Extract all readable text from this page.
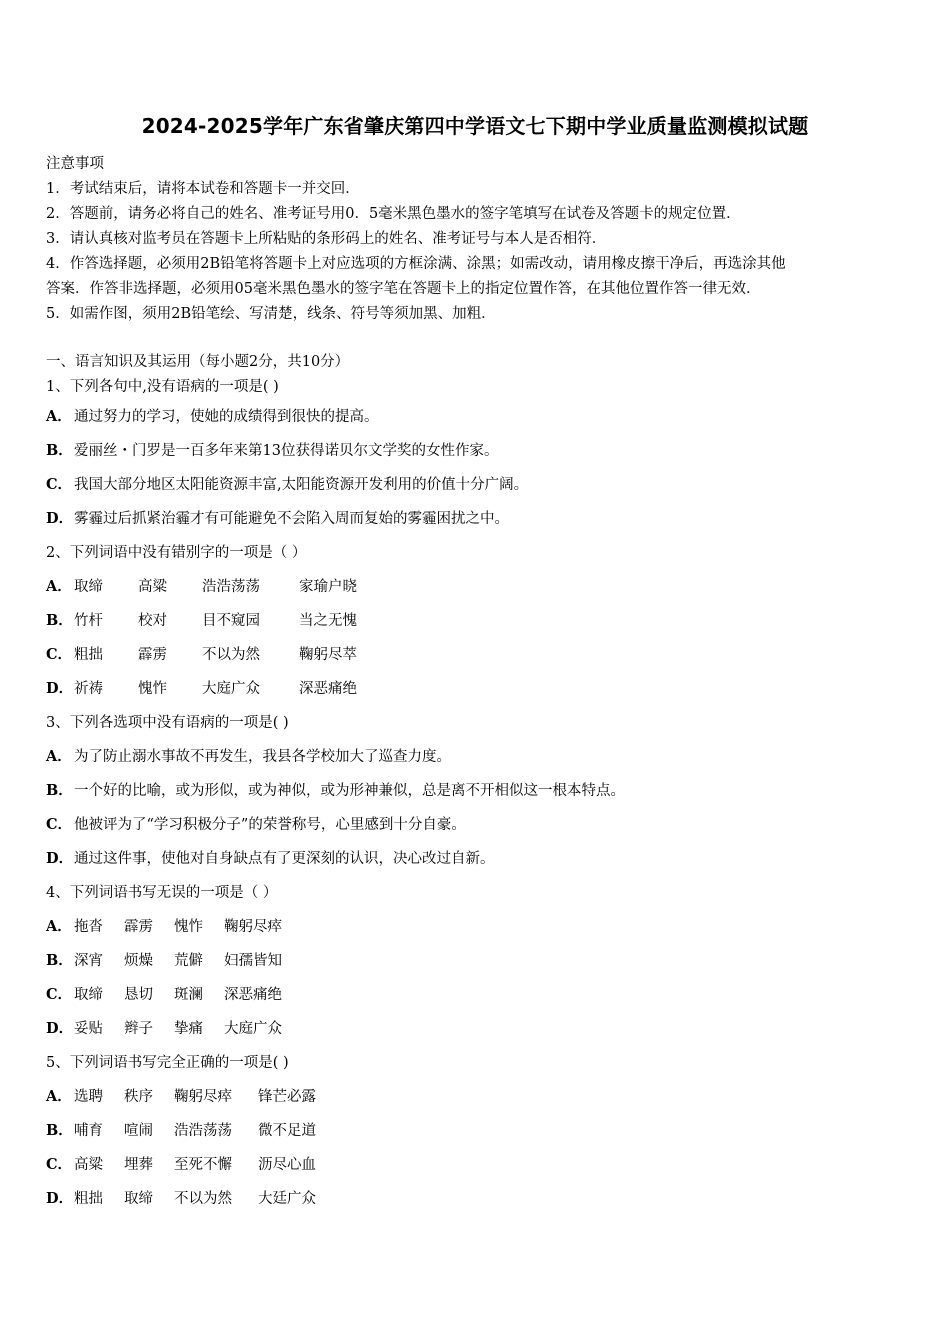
2024-2025学年广东省肇庆第四中学语文七下期中学业质量监测模拟试题
注意事项
1．考试结束后，请将本试卷和答题卡一并交回．
2．答题前，请务必将自己的姓名、准考证号用0．5毫米黑色墨水的签字笔填写在试卷及答题卡的规定位置．
3．请认真核对监考员在答题卡上所粘贴的条形码上的姓名、准考证号与本人是否相符．
4．作答选择题，必须用2B铅笔将答题卡上对应选项的方框涂满、涂黑；如需改动，请用橡皮擦干净后，再选涂其他
答案．作答非选择题，必须用05毫米黑色墨水的签字笔在答题卡上的指定位置作答，在其他位置作答一律无效．
5．如需作图，须用2B铅笔绘、写清楚，线条、符号等须加黑、加粗．
一、语言知识及其运用（每小题2分，共10分）
1、下列各句中,没有语病的一项是( )
A． 通过努力的学习，使她的成绩得到很快的提高。
B．爱丽丝・门罗是一百多年来第13位获得诺贝尔文学奖的女性作家。
C． 我国大部分地区太阳能资源丰富,太阳能资源开发利用的价值十分广阔。
D．雾霾过后抓紧治霾才有可能避免不会陷入周而复始的雾霾困扰之中。
2、下列词语中没有错别字的一项是（ ）
A． 取缔 高粱 浩浩荡荡	家瑜户晓
B．竹杆 校对 目不窥园	当之无愧
C． 粗拙 霹雳 不以为然	鞠躬尽萃
D．祈祷 愧怍 大庭广众	深恶痛绝
3、下列各选项中没有语病的一项是( )
A． 为了防止溺水事故不再发生，我县各学校加大了巡查力度。
B．一个好的比喻，或为形似，或为神似，或为形神兼似，总是离不开相似这一根本特点。
C． 他被评为了“学习积极分子”的荣誉称号，心里感到十分自豪。
D．通过这件事，使他对自身缺点有了更深刻的认识，决心改过自新。
4、下列词语书写无误的一项是（ ）
A． 拖沓 霹雳 愧怍 鞠躬尽瘁
B．深宵 烦燥 荒僻 妇孺皆知
C． 取缔 恳切 斑澜 深恶痛绝
D．妥贴 辫子 挚痛 大庭广众
5、下列词语书写完全正确的一项是( )
A． 选聘 秩序 鞠躬尽瘁 锋芒必露
B．哺育 喧闹 浩浩荡荡 微不足道
C． 高粱 埋葬 至死不懈 沥尽心血
D．粗拙 取缔 不以为然 大廷广众
